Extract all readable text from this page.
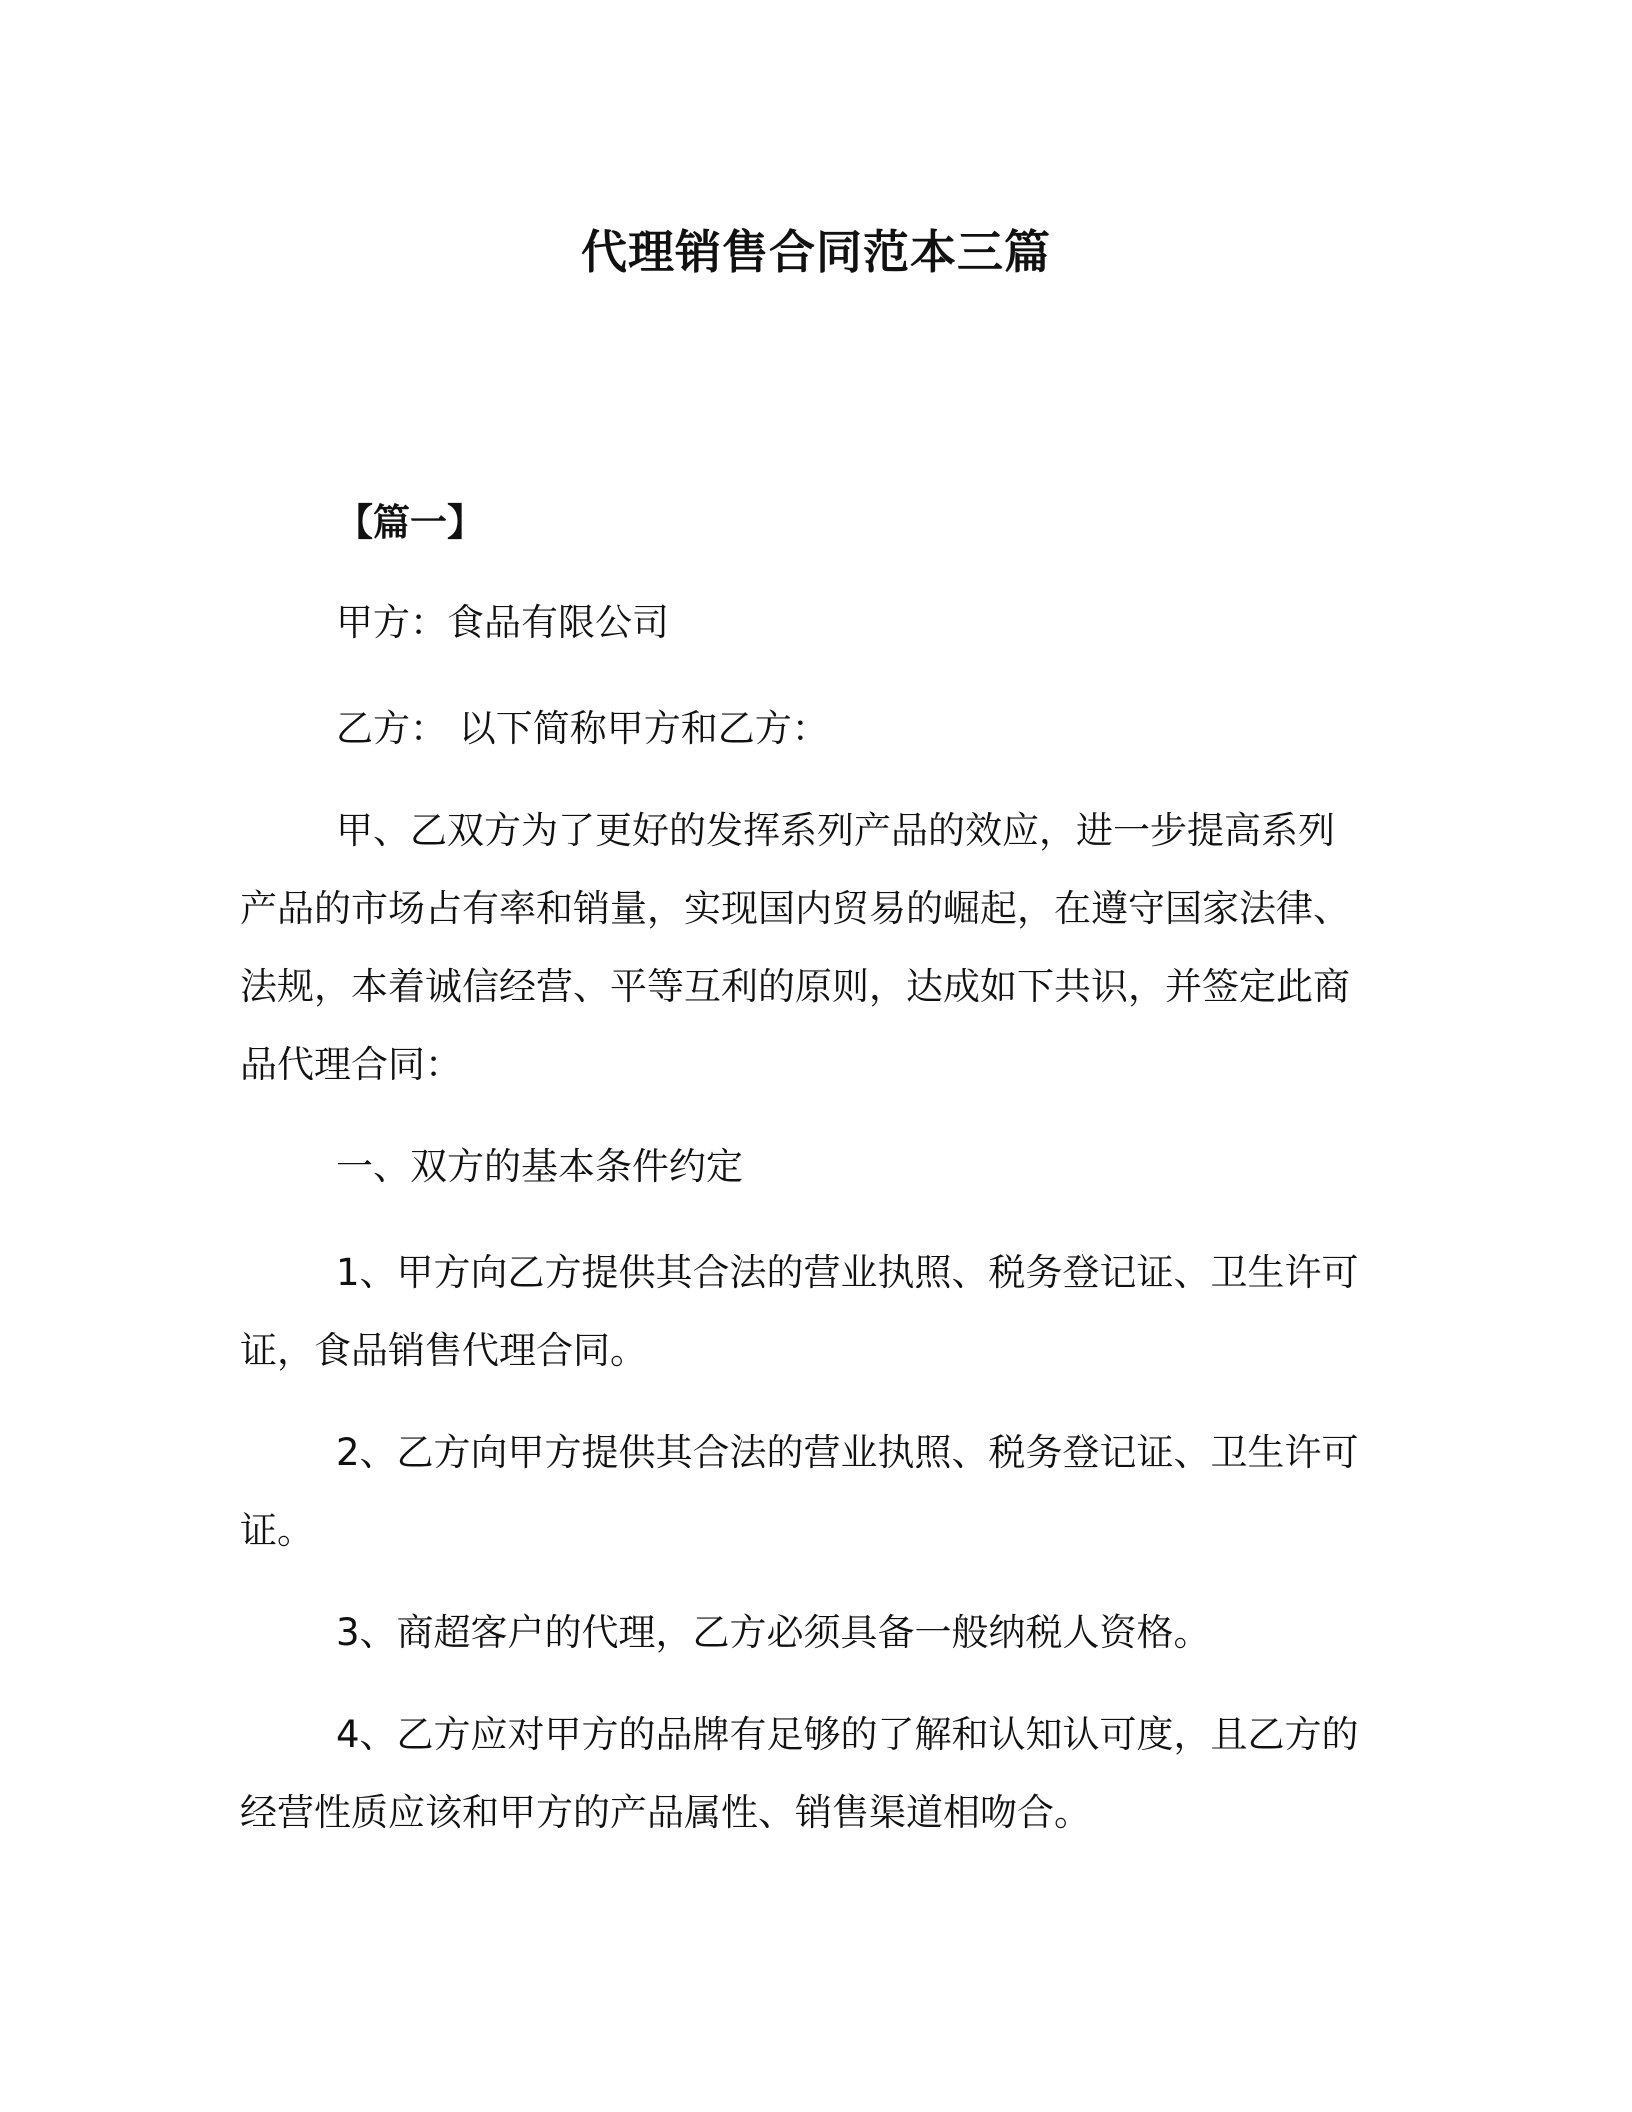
代理销售合同范本三篇

【篇一】

甲方：食品有限公司

乙方： 以下简称甲方和乙方：

甲、乙双方为了更好的发挥系列产品的效应，进一步提高系列产品的市场占有率和销量，实现国内贸易的崛起，在遵守国家法律、法规，本着诚信经营、平等互利的原则，达成如下共识，并签定此商品代理合同：

一、双方的基本条件约定

1、甲方向乙方提供其合法的营业执照、税务登记证、卫生许可证，食品销售代理合同。

2、乙方向甲方提供其合法的营业执照、税务登记证、卫生许可证。

3、商超客户的代理，乙方必须具备一般纳税人资格。

4、乙方应对甲方的品牌有足够的了解和认知认可度，且乙方的经营性质应该和甲方的产品属性、销售渠道相吻合。
